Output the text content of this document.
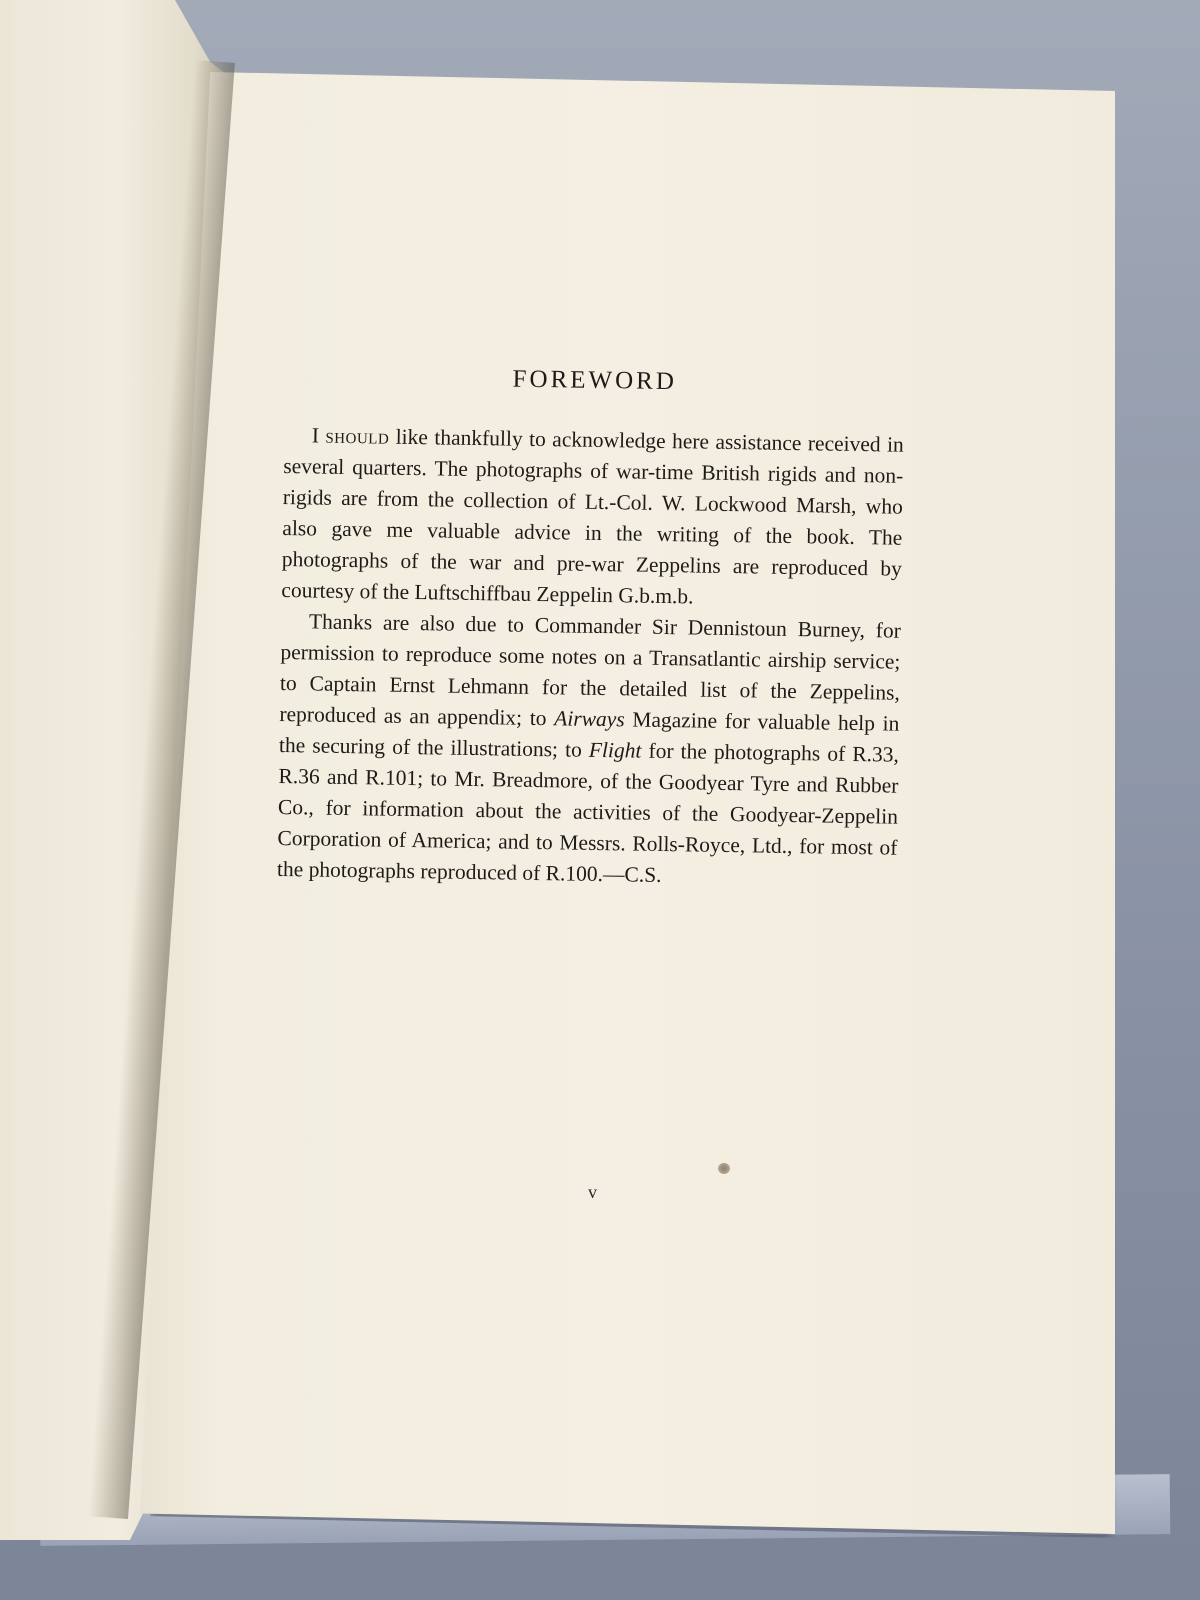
FOREWORD

I should like thankfully to acknowledge here assistance received in several quarters. The photographs of war-time British rigids and non-rigids are from the collection of Lt.-Col. W. Lockwood Marsh, who also gave me valuable advice in the writing of the book. The photographs of the war and pre-war Zeppelins are reproduced by courtesy of the Luftschiffbau Zeppelin G.b.m.b.

Thanks are also due to Commander Sir Dennistoun Burney, for permission to reproduce some notes on a Transatlantic airship service; to Captain Ernst Lehmann for the detailed list of the Zeppelins, reproduced as an appendix; to Airways Magazine for valuable help in the securing of the illustrations; to Flight for the photographs of R.33, R.36 and R.101; to Mr. Breadmore, of the Goodyear Tyre and Rubber Co., for information about the activities of the Goodyear-Zeppelin Corporation of America; and to Messrs. Rolls-Royce, Ltd., for most of the photographs reproduced of R.100.—C.S.

v
